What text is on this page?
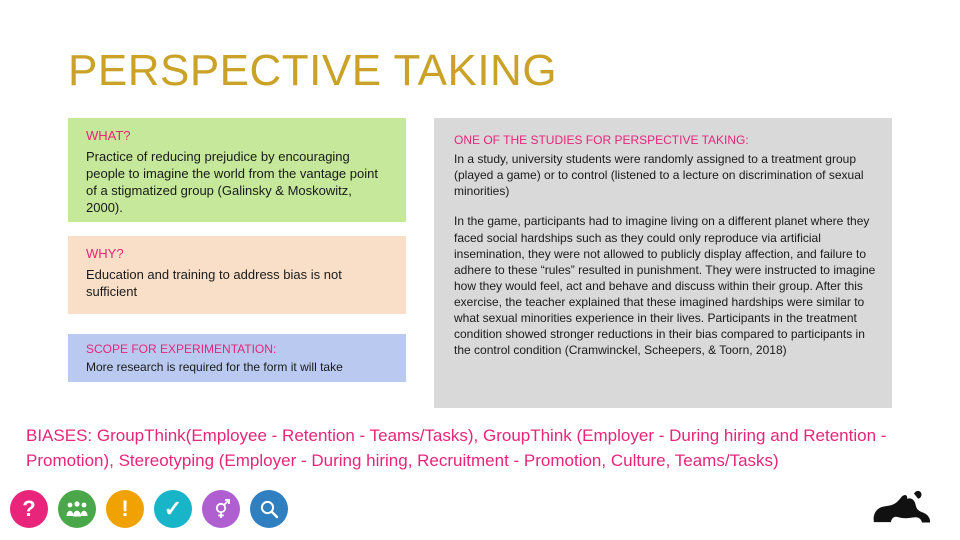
PERSPECTIVE TAKING

WHAT?

Practice of reducing prejudice by encouraging people to imagine the world from the vantage point of a stigmatized group (Galinsky & Moskowitz, 2000).

WHY?

Education and training to address bias is not sufficient

SCOPE FOR EXPERIMENTATION:

More research is required for the form it will take

ONE OF THE STUDIES FOR PERSPECTIVE TAKING:

In a study, university students were randomly assigned to a treatment group (played a game) or to control (listened to a lecture on discrimination of sexual minorities)

In the game, participants had to imagine living on a different planet where they faced social hardships such as they could only reproduce via artificial insemination, they were not allowed to publicly display affection, and failure to adhere to these “rules” resulted in punishment. They were instructed to imagine how they would feel, act and behave and discuss within their group. After this exercise, the teacher explained that these imagined hardships were similar to what sexual minorities experience in their lives. Participants in the treatment condition showed stronger reductions in their bias compared to participants in the control condition (Cramwinckel, Scheepers, & Toorn, 2018)

BIASES: GroupThink(Employee - Retention - Teams/Tasks), GroupThink (Employer - During hiring and Retention - Promotion), Stereotyping (Employer - During hiring, Recruitment - Promotion, Culture, Teams/Tasks)
?	! ✓
